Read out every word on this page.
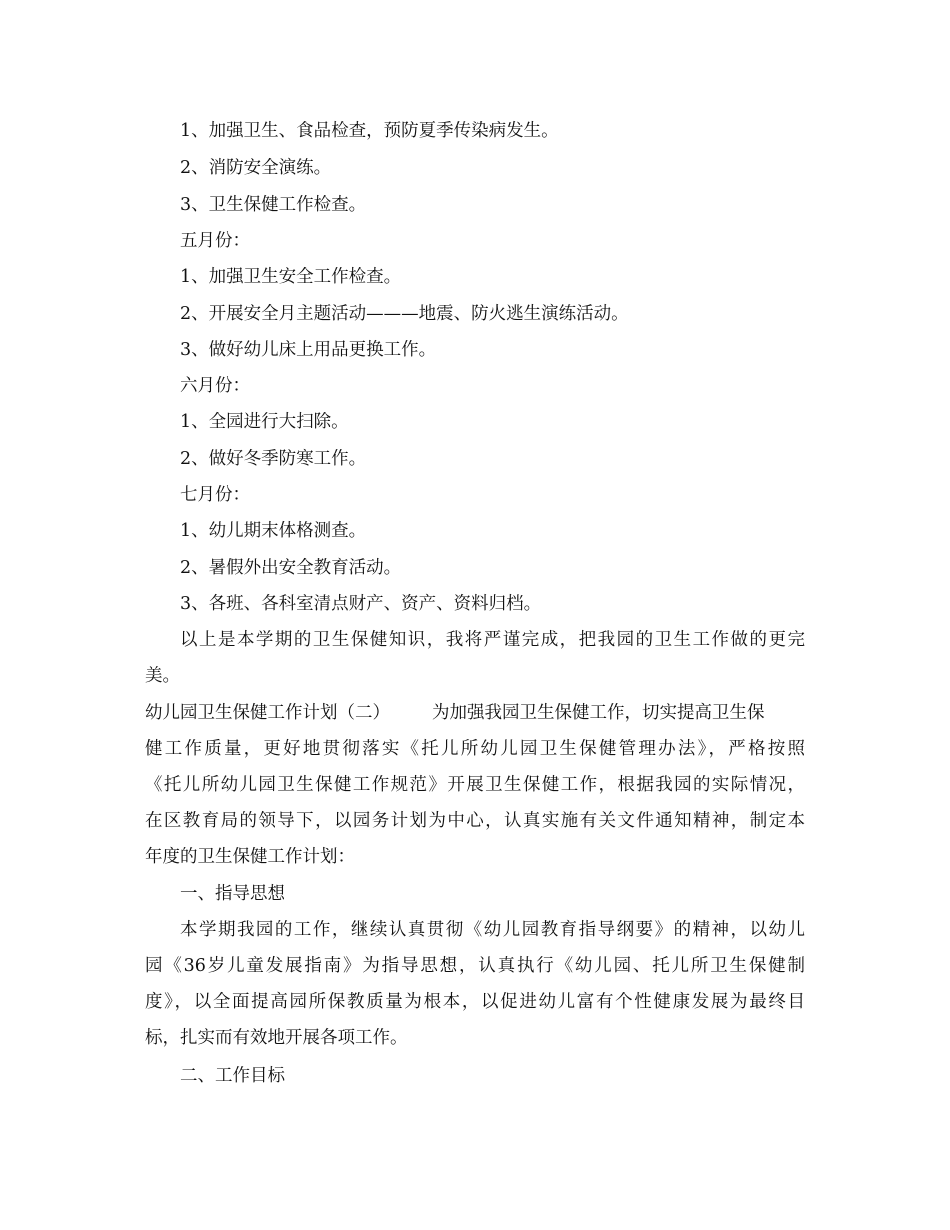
1、加强卫生、食品检查，预防夏季传染病发生。
2、消防安全演练。
3、卫生保健工作检查。
五月份：
1、加强卫生安全工作检查。
2、开展安全月主题活动———地震、防火逃生演练活动。
3、做好幼儿床上用品更换工作。
六月份：
1、全园进行大扫除。
2、做好冬季防寒工作。
七月份：
1、幼儿期末体格测查。
2、暑假外出安全教育活动。
3、各班、各科室清点财产、资产、资料归档。
以上是本学期的卫生保健知识，我将严谨完成，把我园的卫生工作做的更完
美。
幼儿园卫生保健工作计划（二） 为加强我园卫生保健工作，切实提高卫生保
健工作质量，更好地贯彻落实《托儿所幼儿园卫生保健管理办法》，严格按照
《托儿所幼儿园卫生保健工作规范》开展卫生保健工作，根据我园的实际情况，
在区教育局的领导下，以园务计划为中心，认真实施有关文件通知精神，制定本
年度的卫生保健工作计划：
一、指导思想
本学期我园的工作，继续认真贯彻《幼儿园教育指导纲要》的精神，以幼儿
园《36岁儿童发展指南》为指导思想，认真执行《幼儿园、托儿所卫生保健制
度》，以全面提高园所保教质量为根本，以促进幼儿富有个性健康发展为最终目
标，扎实而有效地开展各项工作。
二、工作目标
